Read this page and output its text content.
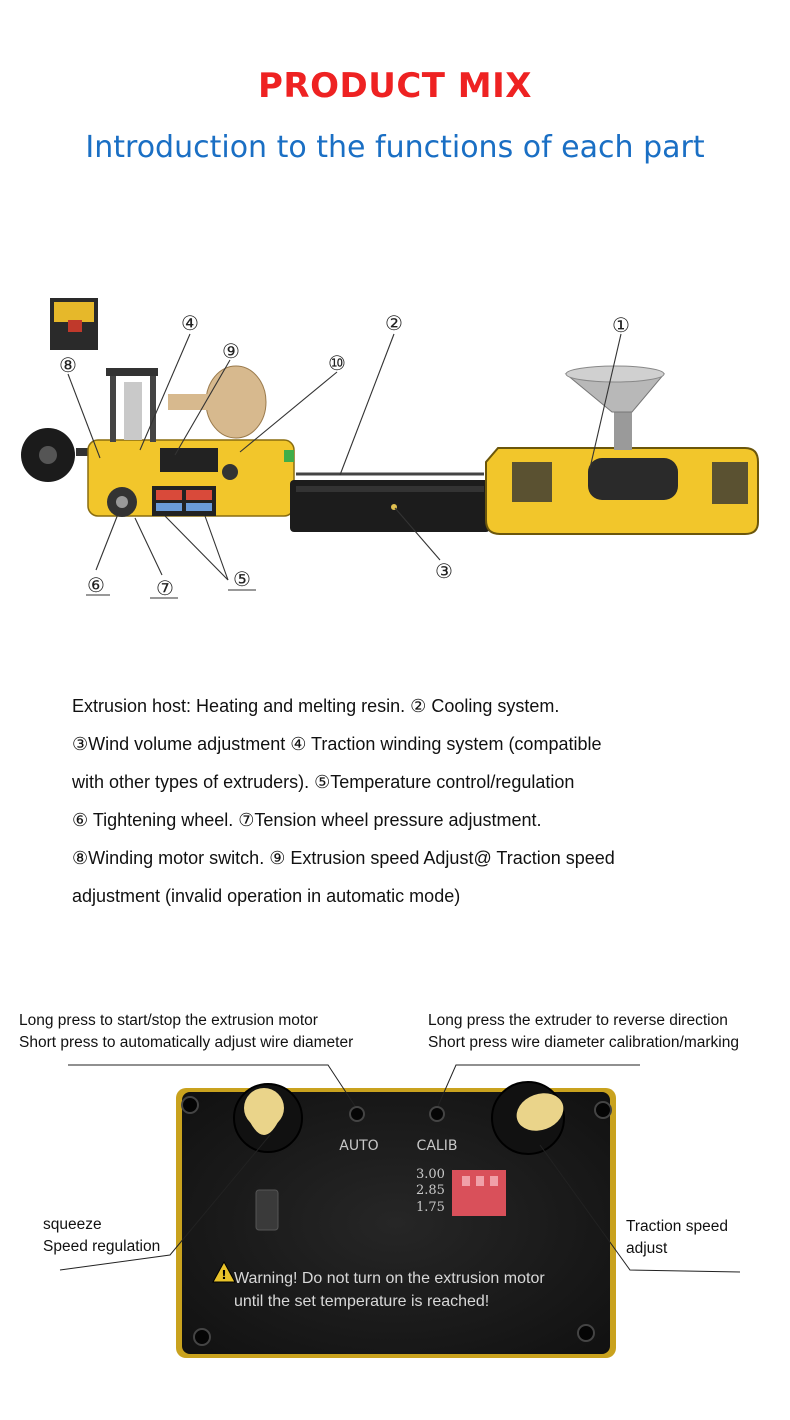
PRODUCT MIX
Introduction to the functions of each part
①
②
③
④
⑤
⑥	⑦
⑧
⑨	⑩

Extrusion host: Heating and melting resin. ② Cooling system.

③Wind volume adjustment ④ Traction winding system (compatible

with other types of extruders). ⑤Temperature control/regulation

⑥ Tightening wheel. ⑦Tension wheel pressure adjustment.

⑧Winding motor switch. ⑨ Extrusion speed Adjust@ Traction speed

adjustment (invalid operation in automatic mode)

AUTO	CALIB
3.00
2.85
1.75
! Warning! Do not turn on the extrusion motor
until the set temperature is reached!
Long press to start/stop the extrusion motor
Short press to automatically adjust wire diameter
Long press the extruder to reverse direction
Short press wire diameter calibration/marking
squeeze
Speed regulation
Traction speed
adjust
